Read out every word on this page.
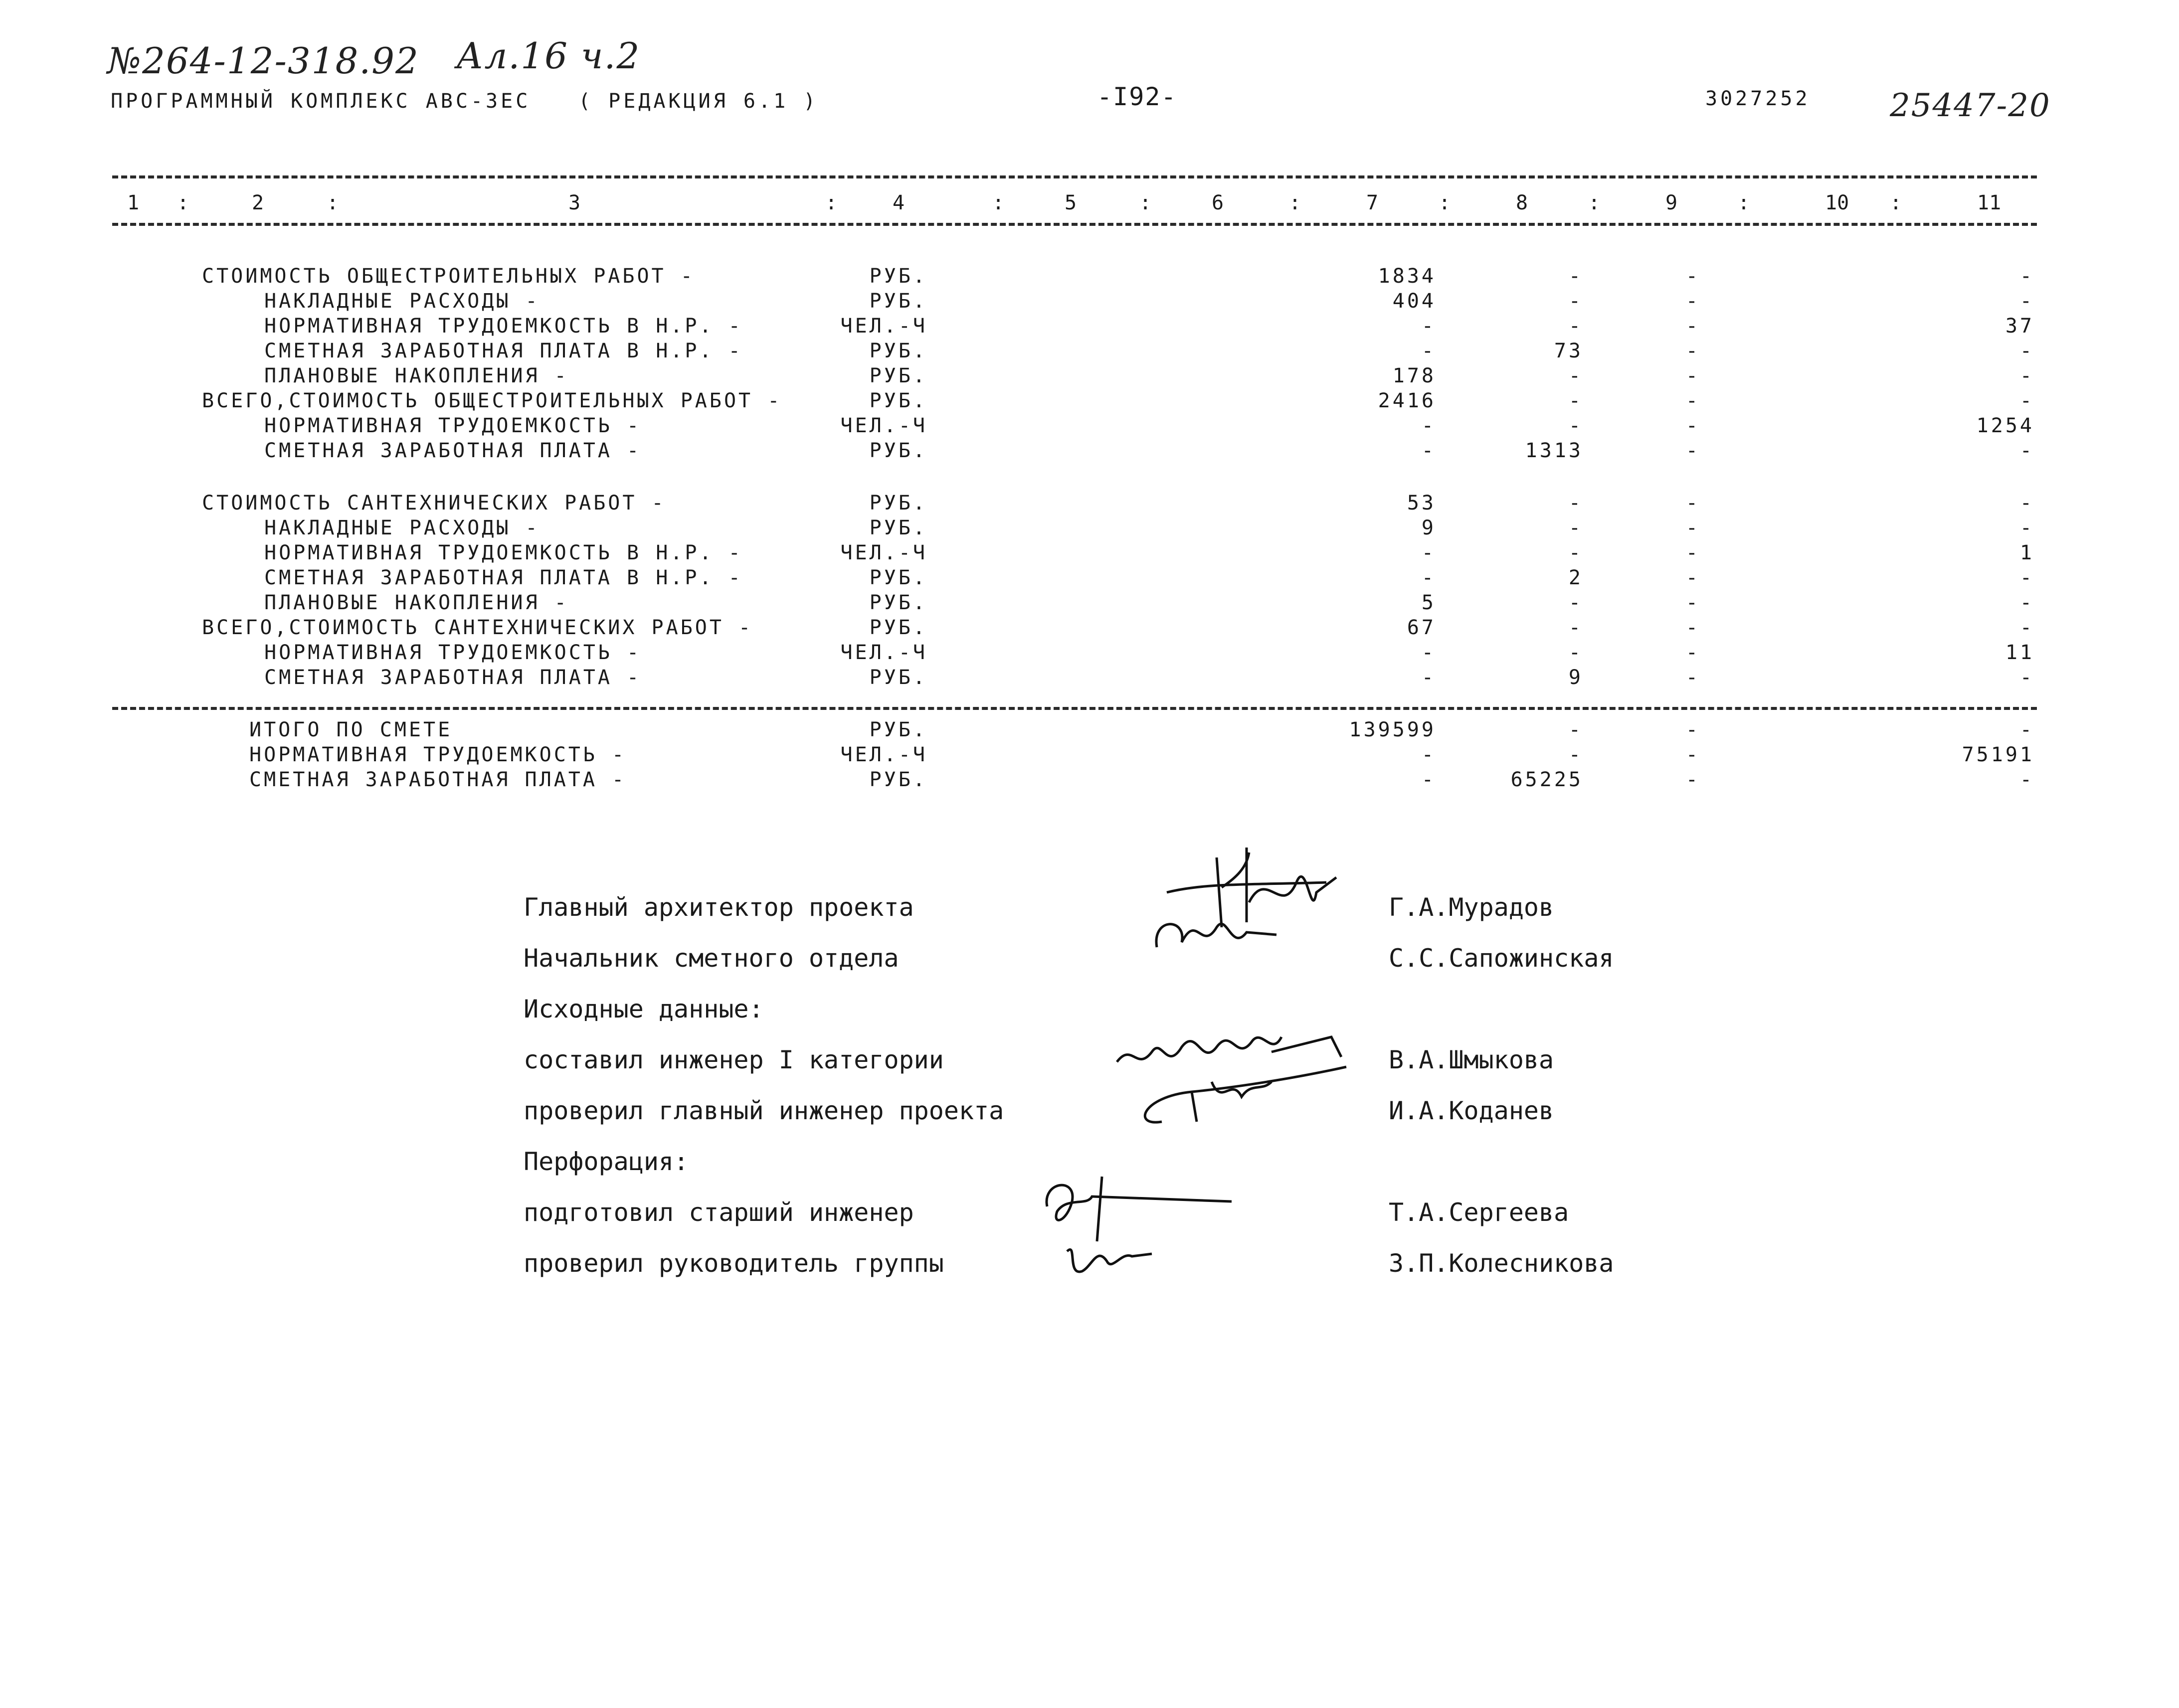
№264-12-318.92 Ал.16 ч.2
ПРОГРАММНЫЙ КОМПЛЕКС АВС-3ЕС ( РЕДАКЦИЯ 6.1 )	-I92-	3027252 25447-20
1	2	3	4	5	6	7	8	9	10	11
:	:	:	:	:	:	:	:	:	:
СТОИМОСТЬ ОБЩЕСТРОИТЕЛЬНЫХ РАБОТ -	РУБ.	1834	-	-	-
НАКЛАДНЫЕ РАСХОДЫ -	РУБ.	404	-	-	-
НОРМАТИВНАЯ ТРУДОЕМКОСТЬ В Н.Р. -	ЧЕЛ.-Ч	-	-	-	37
СМЕТНАЯ ЗАРАБОТНАЯ ПЛАТА В Н.Р. -	РУБ.	-	73	-	-
ПЛАНОВЫЕ НАКОПЛЕНИЯ -	РУБ.	178	-	-	-
ВСЕГО,СТОИМОСТЬ ОБЩЕСТРОИТЕЛЬНЫХ РАБОТ -	РУБ.	2416	-	-	-
НОРМАТИВНАЯ ТРУДОЕМКОСТЬ -	ЧЕЛ.-Ч	-	-	-	1254
СМЕТНАЯ ЗАРАБОТНАЯ ПЛАТА -	РУБ.	-	1313	-	-
СТОИМОСТЬ САНТЕХНИЧЕСКИХ РАБОТ -	РУБ.	53	-	-	-
НАКЛАДНЫЕ РАСХОДЫ -	РУБ.	9	-	-	-
НОРМАТИВНАЯ ТРУДОЕМКОСТЬ В Н.Р. -	ЧЕЛ.-Ч	-	-	-	1
СМЕТНАЯ ЗАРАБОТНАЯ ПЛАТА В Н.Р. -	РУБ.	-	2	-	-
ПЛАНОВЫЕ НАКОПЛЕНИЯ -	РУБ.	5	-	-	-
ВСЕГО,СТОИМОСТЬ САНТЕХНИЧЕСКИХ РАБОТ -	РУБ.	67	-	-	-
НОРМАТИВНАЯ ТРУДОЕМКОСТЬ -	ЧЕЛ.-Ч	-	-	-	11
СМЕТНАЯ ЗАРАБОТНАЯ ПЛАТА -	РУБ.	-	9	-	-
ИТОГО ПО СМЕТЕ	РУБ.	139599	-	-	-
НОРМАТИВНАЯ ТРУДОЕМКОСТЬ -	ЧЕЛ.-Ч	-	-	-	75191
СМЕТНАЯ ЗАРАБОТНАЯ ПЛАТА -	РУБ.	-	65225	-	-
Главный архитектор проекта	Г.А.Мурадов
Начальник сметного отдела	С.С.Сапожинская
Исходные данные:
составил инженер I категории	В.А.Шмыкова
проверил главный инженер проекта	И.А.Коданев
Перфорация:
подготовил старший инженер	Т.А.Сергеева
проверил руководитель группы	З.П.Колесникова
